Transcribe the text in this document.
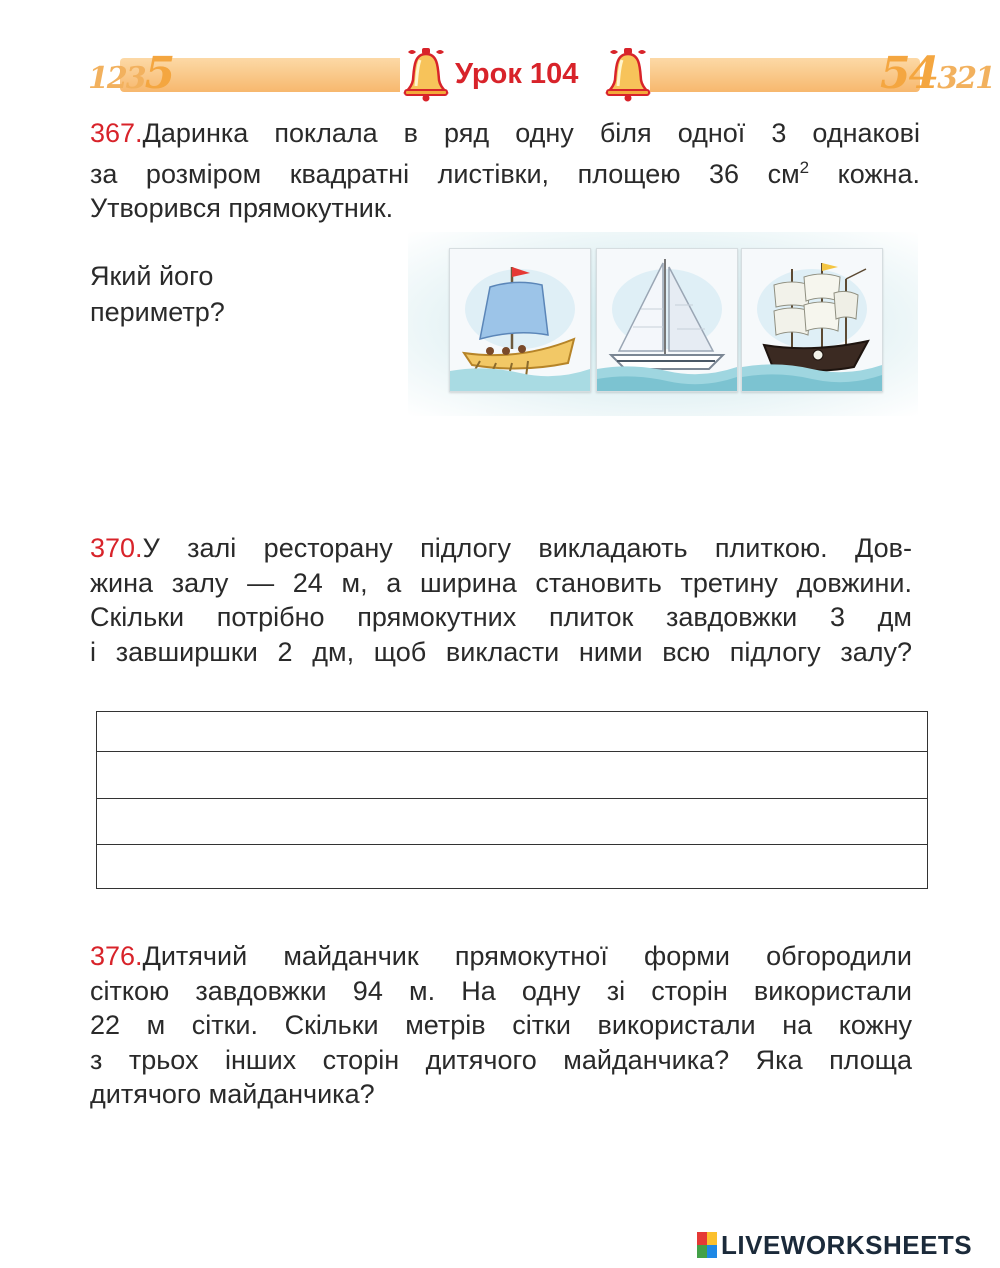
1235	54321
Урок 104
367.Даринка поклала в ряд одну біля одної 3 однакові
за розміром квадратні листівки, площею 36 $см^2$ кожна.
Утворився прямокутник.
Який його
периметр?
370.У залі ресторану підлогу викладають плиткою. Дов-
жина залу — 24 м, а ширина становить третину довжини.
Скільки потрібно прямокутних плиток завдовжки 3 дм
і завширшки 2 дм, щоб викласти ними всю підлогу залу?
376.Дитячий майданчик прямокутної форми обгородили
сіткою завдовжки 94 м. На одну зі сторін використали
22 м сітки. Скільки метрів сітки використали на кожну
з трьох інших сторін дитячого майданчика? Яка площа
дитячого майданчика?
LIVEWORKSHEETS
